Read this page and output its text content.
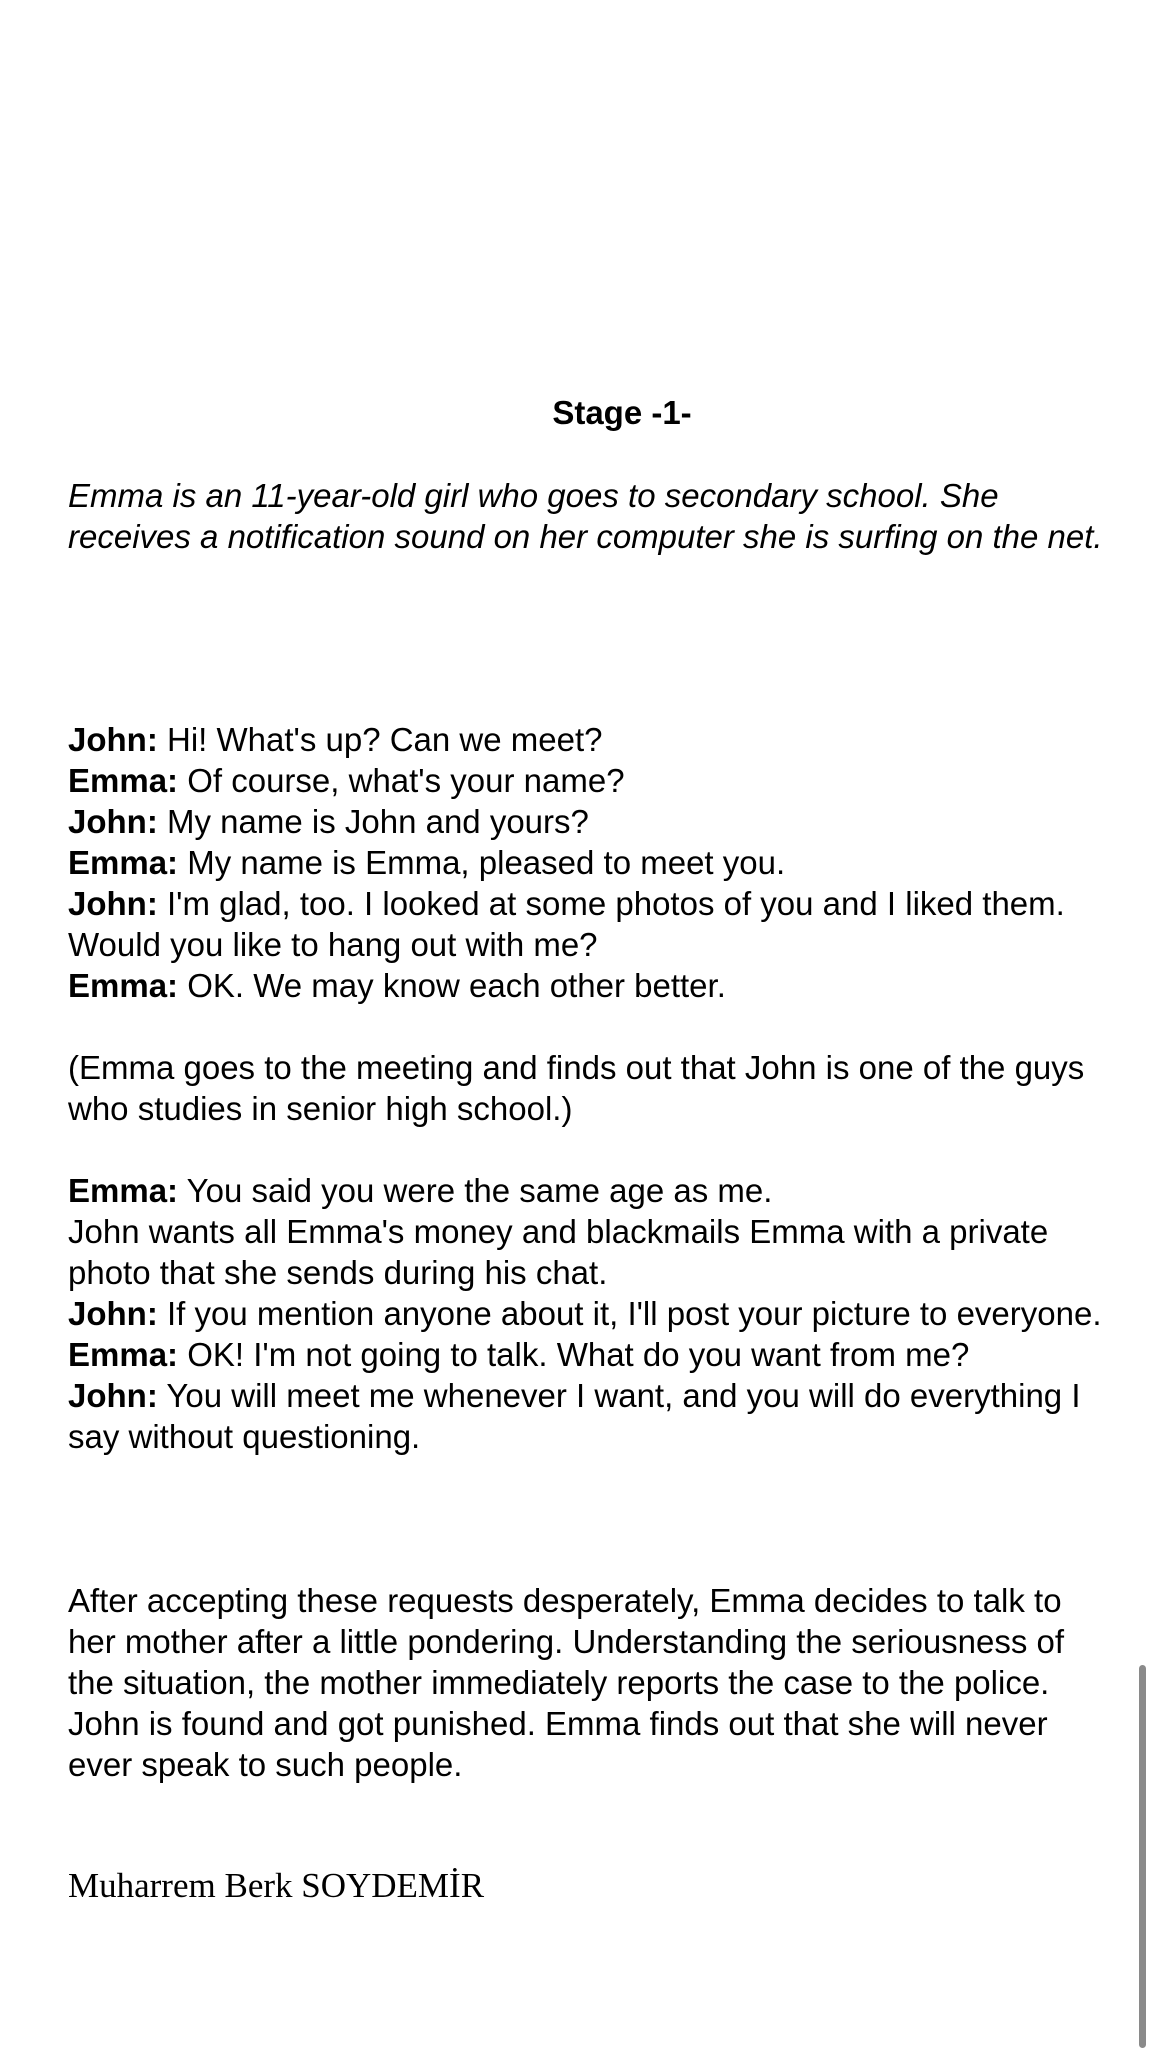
Stage -1-

Emma is an 11-year-old girl who goes to secondary school. She receives a notification sound on her computer she is surfing on the net.

John: Hi! What's up? Can we meet?

Emma: Of course, what's your name?

John: My name is John and yours?

Emma: My name is Emma, pleased to meet you.

John: I'm glad, too. I looked at some photos of you and I liked them. Would you like to hang out with me?

Emma: OK. We may know each other better.

(Emma goes to the meeting and finds out that John is one of the guys who studies in senior high school.)

Emma: You said you were the same age as me.

John wants all Emma's money and blackmails Emma with a private photo that she sends during his chat.

John: If you mention anyone about it, I'll post your picture to everyone.

Emma: OK! I'm not going to talk. What do you want from me?

John: You will meet me whenever I want, and you will do everything I say without questioning.

After accepting these requests desperately, Emma decides to talk to her mother after a little pondering. Understanding the seriousness of the situation, the mother immediately reports the case to the police. John is found and got punished. Emma finds out that she will never ever speak to such people.

Muharrem Berk SOYDEMİR
